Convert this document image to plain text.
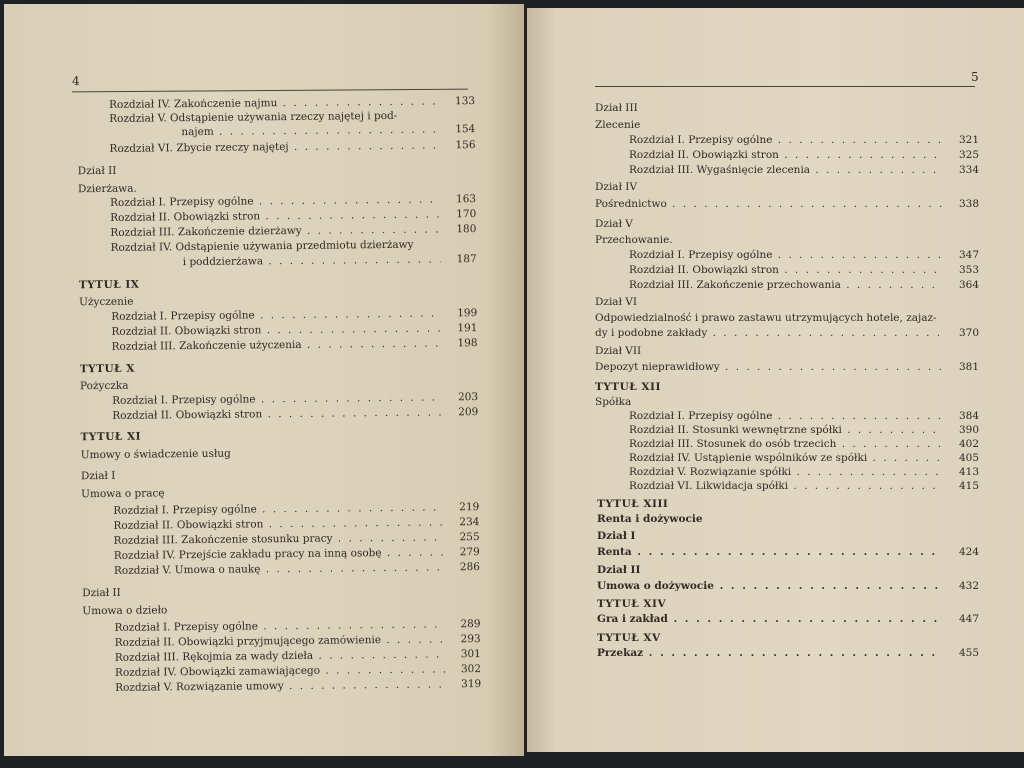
4
Rozdział IV. Zakończenie najmu . .	133
Rozdział V. Odstąpienie używania rzeczy najętej i pod-
najem . .	154
Rozdział VI. Zbycie rzeczy najętej . .	156
Dział II
Dzierżawa.
Rozdział I. Przepisy ogólne . .	163
Rozdział II. Obowiązki stron . .	170
Rozdział III. Zakończenie dzierżawy . .	180
Rozdział IV. Odstąpienie używania przedmiotu dzierżawy
i poddzierżawa . .	187
TYTUŁ IX
Użyczenie
Rozdział I. Przepisy ogólne . .	199
Rozdział II. Obowiązki stron . .	191
Rozdział III. Zakończenie użyczenia . .	198
TYTUŁ X
Pożyczka
Rozdział I. Przepisy ogólne . .	203
Rozdział II. Obowiązki stron . .	209
TYTUŁ XI
Umowy o świadczenie usług
Dział I
Umowa o pracę
Rozdział I. Przepisy ogólne . .	219
Rozdział II. Obowiązki stron . .	234
Rozdział III. Zakończenie stosunku pracy . .	255
Rozdział IV. Przejście zakładu pracy na inną osobę . .	279
Rozdział V. Umowa o naukę . .	286
Dział II
Umowa o dzieło
Rozdział I. Przepisy ogólne . .	289
Rozdział II. Obowiązki przyjmującego zamówienie . .	293
Rozdział III. Rękojmia za wady dzieła . .	301
Rozdział IV. Obowiązki zamawiającego . .	302
Rozdział V. Rozwiązanie umowy . .	319
5
Dział III
Zlecenie
Rozdział I. Przepisy ogólne . .	321
Rozdział II. Obowiązki stron . .	325
Rozdział III. Wygaśnięcie zlecenia . .	334
Dział IV
Pośrednictwo . .	338
Dział V
Przechowanie.
Rozdział I. Przepisy ogólne . .	347
Rozdział II. Obowiązki stron . .	353
Rozdział III. Zakończenie przechowania . .	364
Dział VI
Odpowiedzialność i prawo zastawu utrzymujących hotele, zajaz-
dy i podobne zakłady . .	370
Dział VII
Depozyt nieprawidłowy . .	381
TYTUŁ XII
Spółka
Rozdział I. Przepisy ogólne . .	384
Rozdział II. Stosunki wewnętrzne spółki . .	390
Rozdział III. Stosunek do osób trzecich . .	402
Rozdział IV. Ustąpienie wspólników ze spółki . .	405
Rozdział V. Rozwiązanie spółki . .	413
Rozdział VI. Likwidacja spółki . .	415
TYTUŁ XIII
Renta i dożywocie
Dział I
Renta . .	424
Dział II
Umowa o dożywocie . .	432
TYTUŁ XIV
Gra i zakład . .	447
TYTUŁ XV
Przekaz . .	455
